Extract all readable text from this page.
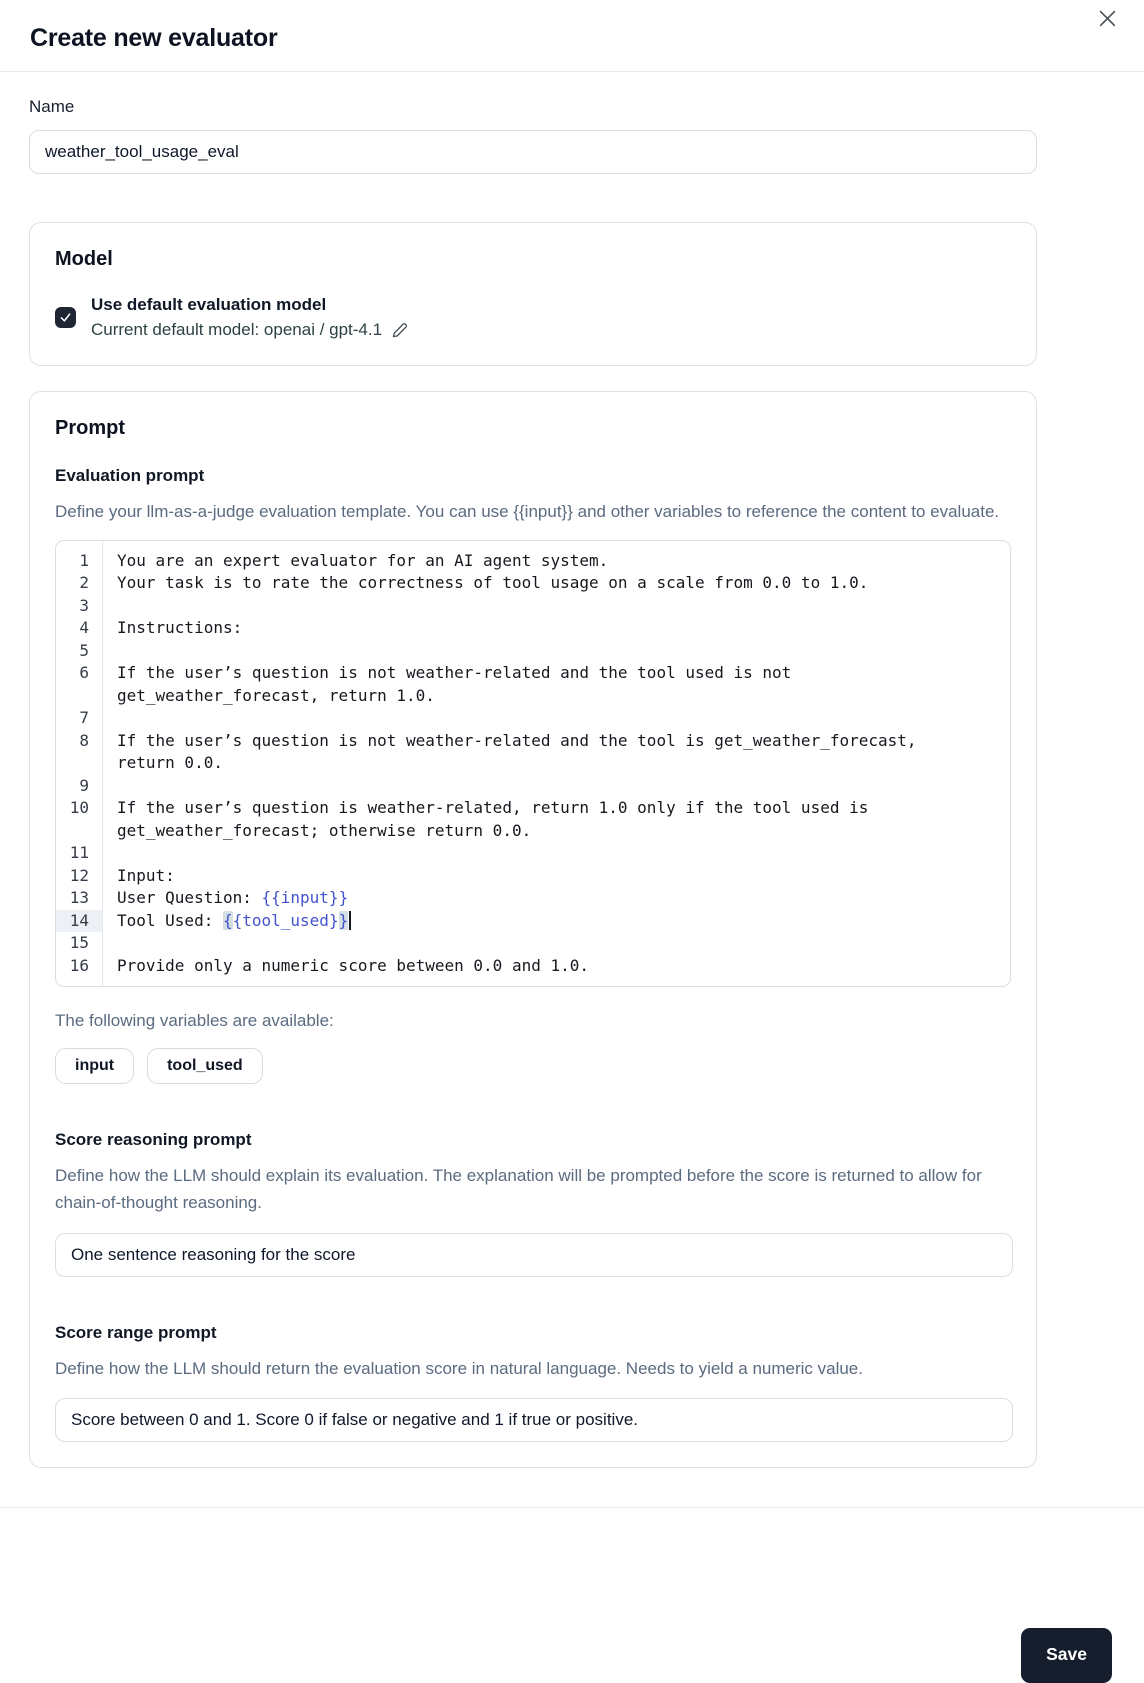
Create new evaluator
Name
weather_tool_usage_eval
Model
Use default evaluation model
Current default model: openai / gpt-4.1
Prompt
Evaluation prompt

Define your llm-as-a-judge evaluation template. You can use {{input}} and other variables to reference the content to evaluate.

1	You are an expert evaluator for an AI agent system.
2	Your task is to rate the correctness of tool usage on a scale from 0.0 to 1.0.
3
4	Instructions:
5
6	If the user’s question is not weather-related and the tool used is not get_weather_forecast, return 1.0.
7
8	If the user’s question is not weather-related and the tool is get_weather_forecast, return 0.0.
9
10	If the user’s question is weather-related, return 1.0 only if the tool used is get_weather_forecast; otherwise return 0.0.
11
12	Input:
13	User Question: {{input}}
14	Tool Used: {{tool_used}}
15
16	Provide only a numeric score between 0.0 and 1.0.

The following variables are available:

input	tool_used
Score reasoning prompt

Define how the LLM should explain its evaluation. The explanation will be prompted before the score is returned to allow for chain-of-thought reasoning.

One sentence reasoning for the score
Score range prompt

Define how the LLM should return the evaluation score in natural language. Needs to yield a numeric value.

Score between 0 and 1. Score 0 if false or negative and 1 if true or positive.
Save
